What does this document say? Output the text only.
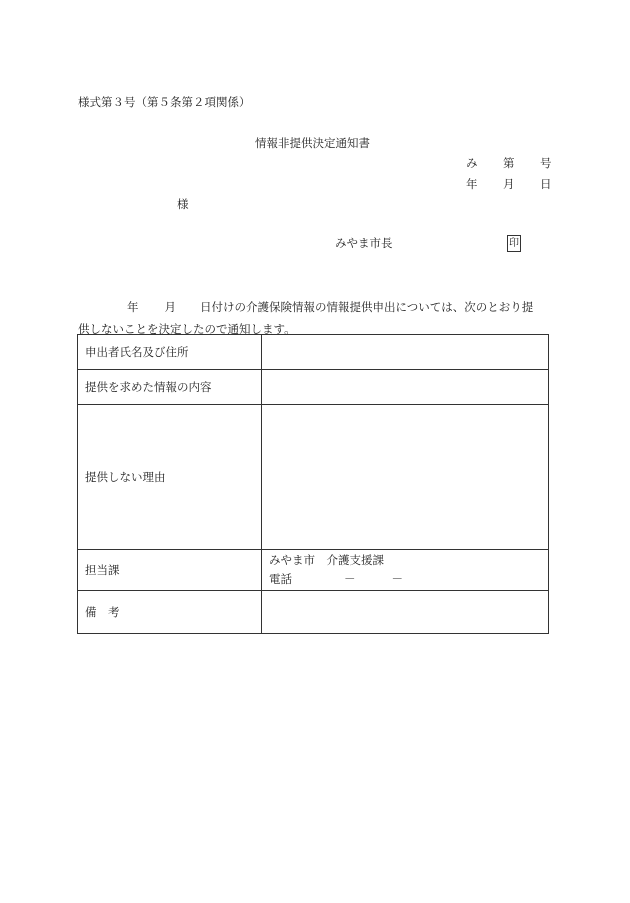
様式第３号（第５条第２項関係）
情報非提供決定通知書
み 第 号
年 月 日
様
みやま市長	印
年 月 日付けの介護保険情報の情報提供申出については、次のとおり提
供しないことを決定したので通知します。
申出者氏名及び住所	
提供を求めた情報の内容	
提供しない理由	
担当課	みやま市　介護支援課
電話 － －

備　考	
